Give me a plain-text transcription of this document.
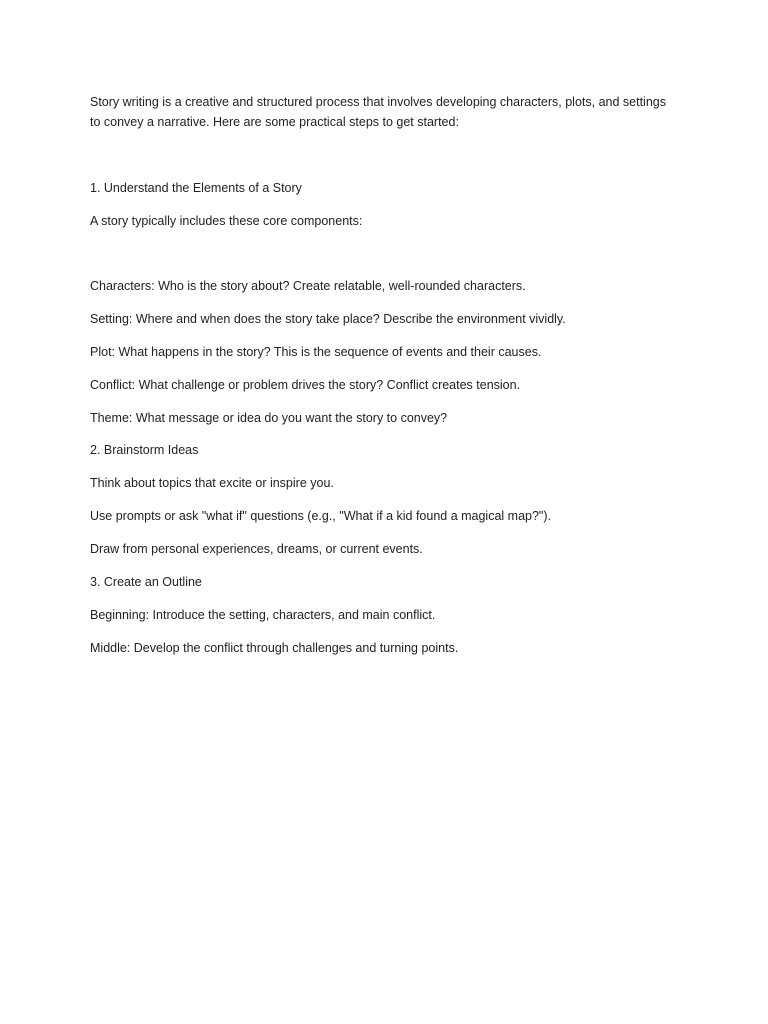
Story writing is a creative and structured process that involves developing characters, plots, and settings

to convey a narrative. Here are some practical steps to get started:

1. Understand the Elements of a Story

A story typically includes these core components:

Characters: Who is the story about? Create relatable, well-rounded characters.

Setting: Where and when does the story take place? Describe the environment vividly.

Plot: What happens in the story? This is the sequence of events and their causes.

Conflict: What challenge or problem drives the story? Conflict creates tension.

Theme: What message or idea do you want the story to convey?

2. Brainstorm Ideas

Think about topics that excite or inspire you.

Use prompts or ask "what if" questions (e.g., "What if a kid found a magical map?").

Draw from personal experiences, dreams, or current events.

3. Create an Outline

Beginning: Introduce the setting, characters, and main conflict.

Middle: Develop the conflict through challenges and turning points.
